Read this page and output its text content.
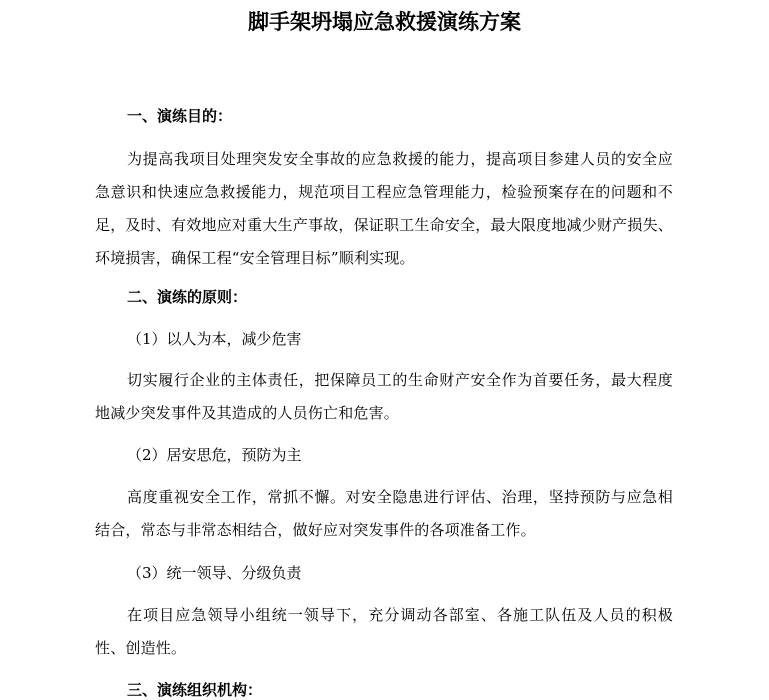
脚手架坍塌应急救援演练方案
一、演练目的：
为提高我项目处理突发安全事故的应急救援的能力，提高项目参建人员的安全应急意识和快速应急救援能力，规范项目工程应急管理能力，检验预案存在的问题和不足，及时、有效地应对重大生产事故，保证职工生命安全，最大限度地减少财产损失、环境损害，确保工程“安全管理目标”顺利实现。
二、演练的原则：
（1）以人为本，减少危害
切实履行企业的主体责任，把保障员工的生命财产安全作为首要任务，最大程度地减少突发事件及其造成的人员伤亡和危害。
（2）居安思危，预防为主
高度重视安全工作，常抓不懈。对安全隐患进行评估、治理，坚持预防与应急相结合，常态与非常态相结合，做好应对突发事件的各项准备工作。
（3）统一领导、分级负责
在项目应急领导小组统一领导下，充分调动各部室、各施工队伍及人员的积极性、创造性。
三、演练组织机构：
